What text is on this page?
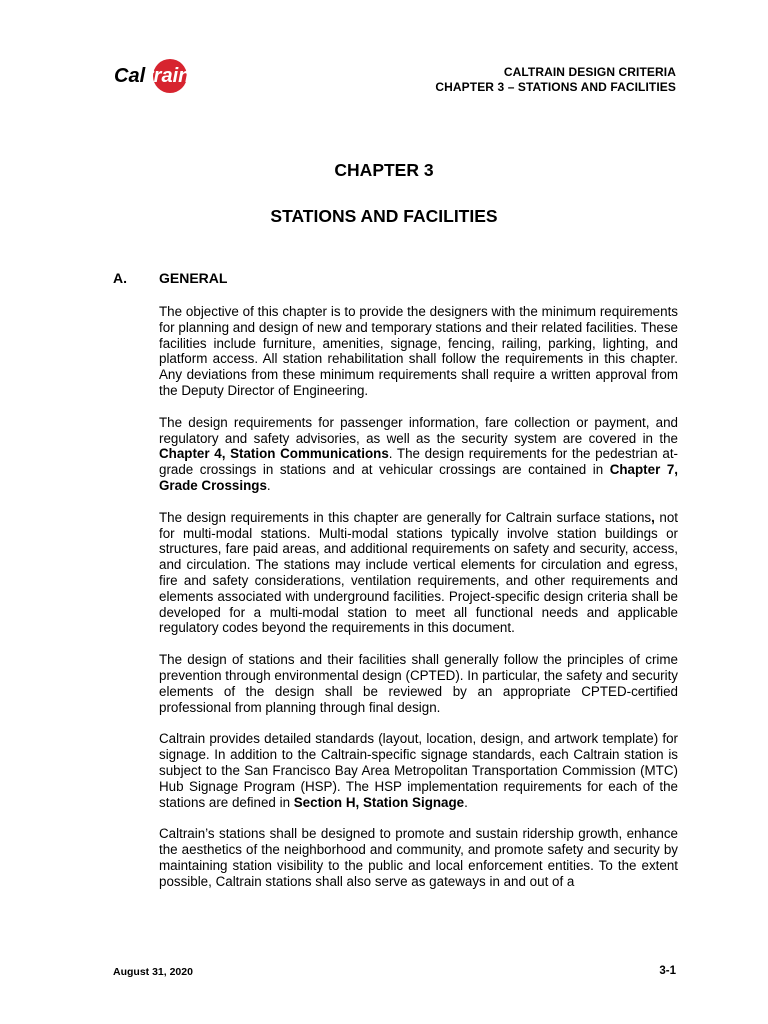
Cal train	CALTRAIN DESIGN CRITERIA
CHAPTER 3 – STATIONS AND FACILITIES
CHAPTER 3
STATIONS AND FACILITIES
A. GENERAL

The objective of this chapter is to provide the designers with the minimum requirements for planning and design of new and temporary stations and their related facilities. These facilities include furniture, amenities, signage, fencing, railing, parking, lighting, and platform access. All station rehabilitation shall follow the requirements in this chapter. Any deviations from these minimum requirements shall require a written approval from the Deputy Director of Engineering.

The design requirements for passenger information, fare collection or payment, and regulatory and safety advisories, as well as the security system are covered in the Chapter 4, Station Communications. The design requirements for the pedestrian at-grade crossings in stations and at vehicular crossings are contained in Chapter 7, Grade Crossings.

The design requirements in this chapter are generally for Caltrain surface stations, not for multi-modal stations. Multi-modal stations typically involve station buildings or structures, fare paid areas, and additional requirements on safety and security, access, and circulation. The stations may include vertical elements for circulation and egress, fire and safety considerations, ventilation requirements, and other requirements and elements associated with underground facilities. Project-specific design criteria shall be developed for a multi-modal station to meet all functional needs and applicable regulatory codes beyond the requirements in this document.

The design of stations and their facilities shall generally follow the principles of crime prevention through environmental design (CPTED). In particular, the safety and security elements of the design shall be reviewed by an appropriate CPTED-certified professional from planning through final design.

Caltrain provides detailed standards (layout, location, design, and artwork template) for signage. In addition to the Caltrain-specific signage standards, each Caltrain station is subject to the San Francisco Bay Area Metropolitan Transportation Commission (MTC) Hub Signage Program (HSP). The HSP implementation requirements for each of the stations are defined in Section H, Station Signage.

Caltrain’s stations shall be designed to promote and sustain ridership growth, enhance the aesthetics of the neighborhood and community, and promote safety and security by maintaining station visibility to the public and local enforcement entities. To the extent possible, Caltrain stations shall also serve as gateways in and out of a

August 31, 2020	3-1
